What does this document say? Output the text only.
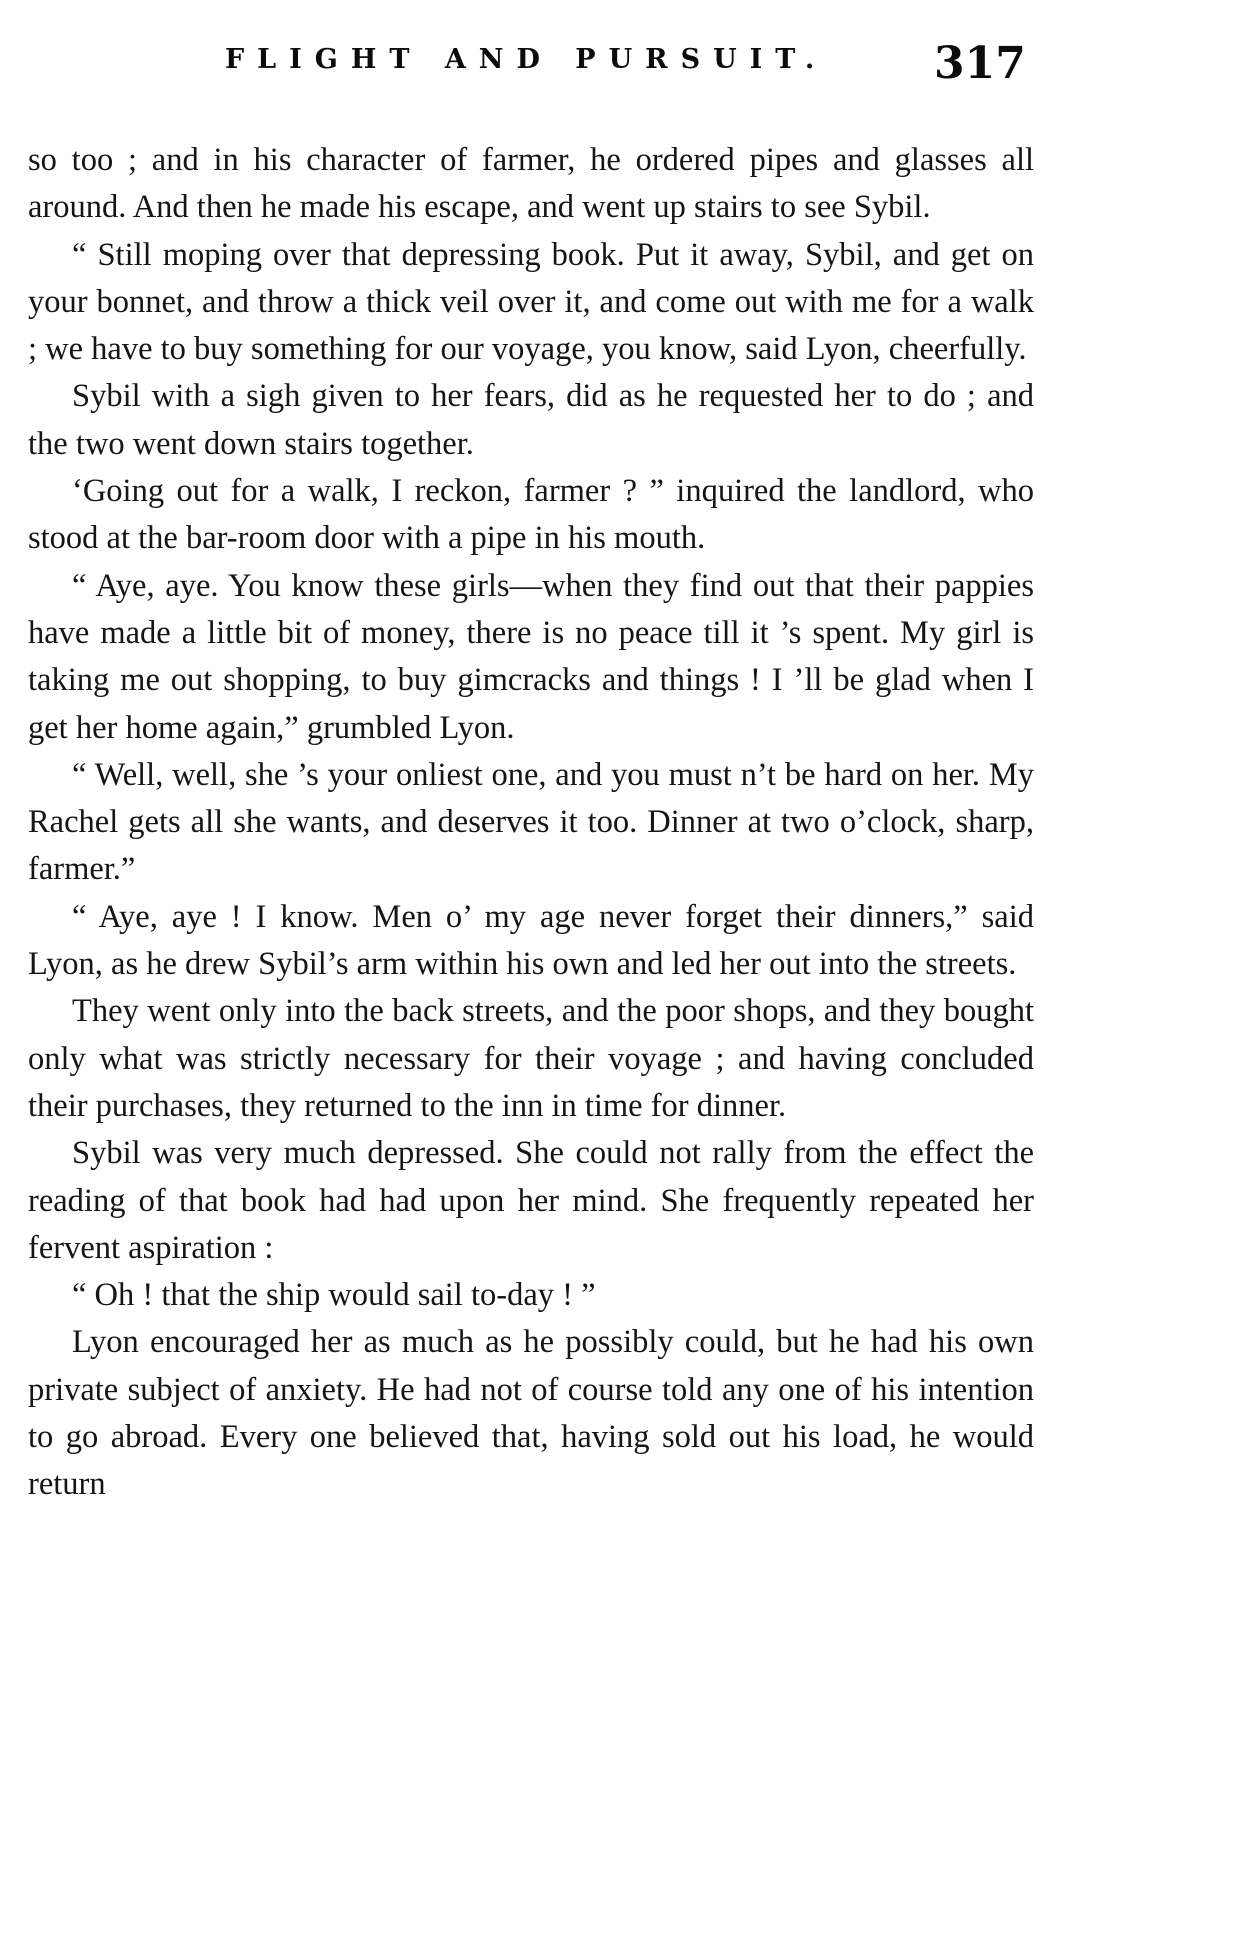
FLIGHT AND PURSUIT. 317

so too ; and in his character of farmer, he ordered pipes and glasses all around. And then he made his escape, and went up stairs to see Sybil.

“ Still moping over that depressing book. Put it away, Sybil, and get on your bonnet, and throw a thick veil over it, and come out with me for a walk ; we have to buy something for our voyage, you know, said Lyon, cheerfully.

Sybil with a sigh given to her fears, did as he requested her to do ; and the two went down stairs together.

‘Going out for a walk, I reckon, farmer ? ” inquired the landlord, who stood at the bar-room door with a pipe in his mouth.

“ Aye, aye. You know these girls—when they find out that their pappies have made a little bit of money, there is no peace till it ’s spent. My girl is taking me out shopping, to buy gimcracks and things ! I ’ll be glad when I get her home again,” grumbled Lyon.

“ Well, well, she ’s your onliest one, and you must n’t be hard on her. My Rachel gets all she wants, and deserves it too. Dinner at two o’clock, sharp, farmer.”

“ Aye, aye ! I know. Men o’ my age never forget their dinners,” said Lyon, as he drew Sybil’s arm within his own and led her out into the streets.

They went only into the back streets, and the poor shops, and they bought only what was strictly necessary for their voyage ; and having concluded their purchases, they returned to the inn in time for dinner.

Sybil was very much depressed. She could not rally from the effect the reading of that book had had upon her mind. She frequently repeated her fervent aspiration :

“ Oh ! that the ship would sail to-day ! ”

Lyon encouraged her as much as he possibly could, but he had his own private subject of anxiety. He had not of course told any one of his intention to go abroad. Every one believed that, having sold out his load, he would return
